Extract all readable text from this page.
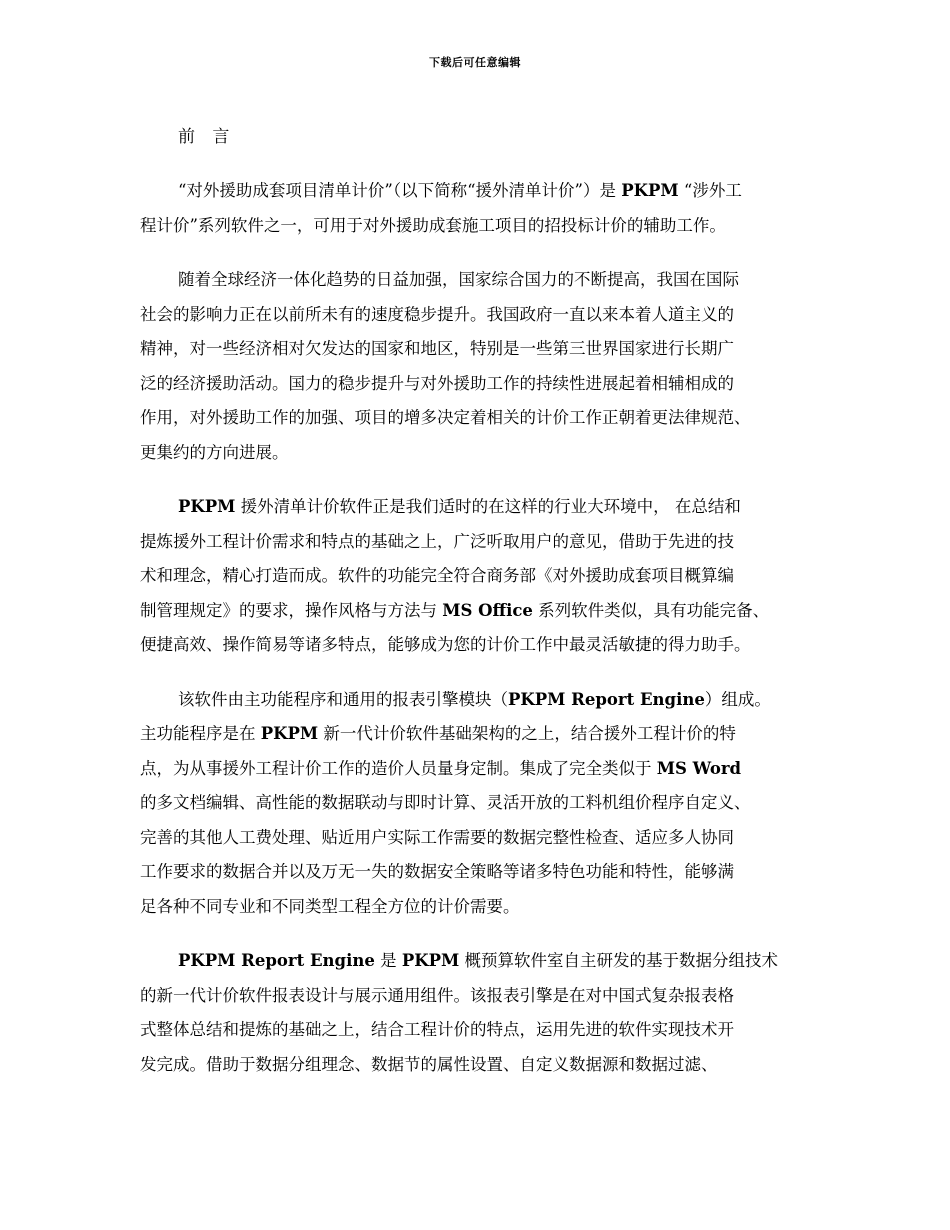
下载后可任意编辑
前 言
“对外援助成套项目清单计价”（以下简称“援外清单计价”）是 PKPM “涉外工
程计价”系列软件之一，可用于对外援助成套施工项目的招投标计价的辅助工作。
随着全球经济一体化趋势的日益加强，国家综合国力的不断提高，我国在国际
社会的影响力正在以前所未有的速度稳步提升。我国政府一直以来本着人道主义的
精神，对一些经济相对欠发达的国家和地区，特别是一些第三世界国家进行长期广
泛的经济援助活动。国力的稳步提升与对外援助工作的持续性进展起着相辅相成的
作用，对外援助工作的加强、项目的增多决定着相关的计价工作正朝着更法律规范、
更集约的方向进展。
PKPM 援外清单计价软件正是我们适时的在这样的行业大环境中， 在总结和
提炼援外工程计价需求和特点的基础之上，广泛听取用户的意见，借助于先进的技
术和理念，精心打造而成。软件的功能完全符合商务部《对外援助成套项目概算编
制管理规定》的要求，操作风格与方法与 MS Office 系列软件类似，具有功能完备、
便捷高效、操作简易等诸多特点，能够成为您的计价工作中最灵活敏捷的得力助手。
该软件由主功能程序和通用的报表引擎模块（PKPM Report Engine）组成。
主功能程序是在 PKPM 新一代计价软件基础架构的之上，结合援外工程计价的特
点，为从事援外工程计价工作的造价人员量身定制。集成了完全类似于 MS Word
的多文档编辑、高性能的数据联动与即时计算、灵活开放的工料机组价程序自定义、
完善的其他人工费处理、贴近用户实际工作需要的数据完整性检查、适应多人协同
工作要求的数据合并以及万无一失的数据安全策略等诸多特色功能和特性，能够满
足各种不同专业和不同类型工程全方位的计价需要。
PKPM Report Engine 是 PKPM 概预算软件室自主研发的基于数据分组技术
的新一代计价软件报表设计与展示通用组件。该报表引擎是在对中国式复杂报表格
式整体总结和提炼的基础之上，结合工程计价的特点，运用先进的软件实现技术开
发完成。借助于数据分组理念、数据节的属性设置、自定义数据源和数据过滤、
